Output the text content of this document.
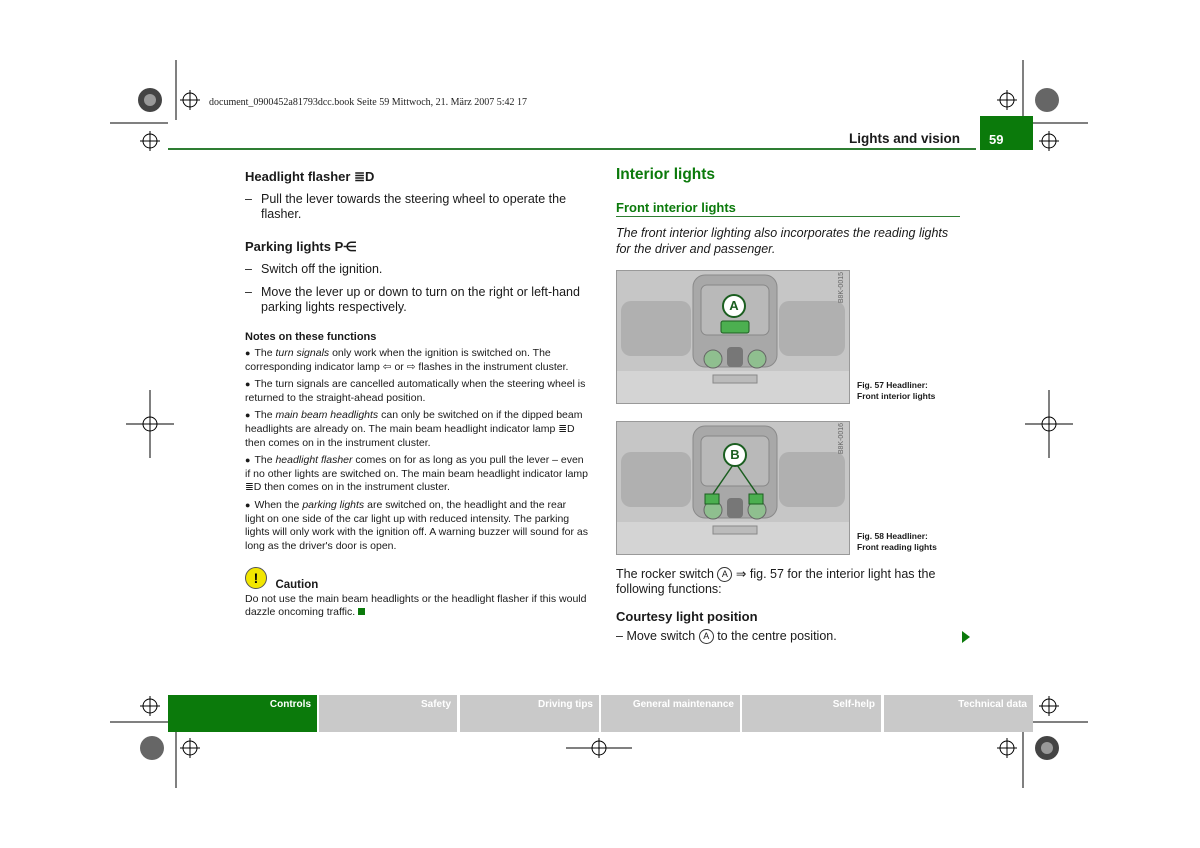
document_0900452a81793dcc.book Seite 59 Mittwoch, 21. März 2007 5:42 17
Lights and vision	59

Headlight flasher ≣D

– Pull the lever towards the steering wheel to operate the flasher.

Parking lights P⋲

– Switch off the ignition.
– Move the lever up or down to turn on the right or left-hand parking lights respectively.

Notes on these functions

● The turn signals only work when the ignition is switched on. The corresponding indicator lamp ⇦ or ⇨ flashes in the instrument cluster.

● The turn signals are cancelled automatically when the steering wheel is returned to the straight-ahead position.

● The main beam headlights can only be switched on if the dipped beam headlights are already on. The main beam headlight indicator lamp ≣D then comes on in the instrument cluster.

● The headlight flasher comes on for as long as you pull the lever – even if no other lights are switched on. The main beam headlight indicator lamp ≣D then comes on in the instrument cluster.

● When the parking lights are switched on, the headlight and the rear light on one side of the car light up with reduced intensity. The parking lights will only work with the ignition off. A warning buzzer will sound for as long as the driver's door is open.

! $_{Caution}$
Do not use the main beam headlights or the headlight flasher if this would dazzle oncoming traffic.
Interior lights
Front interior lights
The front interior lighting also incorporates the reading lights for the driver and passenger.
A
B8K-0015
Fig. 57 Headliner:
Front interior lights
B
B8K-0016
Fig. 58 Headliner:
Front reading lights
The rocker switch A ⇒ fig. 57 for the interior light has the following functions:
Courtesy light position
– Move switch A to the centre position.
Controls	Safety	Driving tips	General maintenance	Self-help	Technical data
